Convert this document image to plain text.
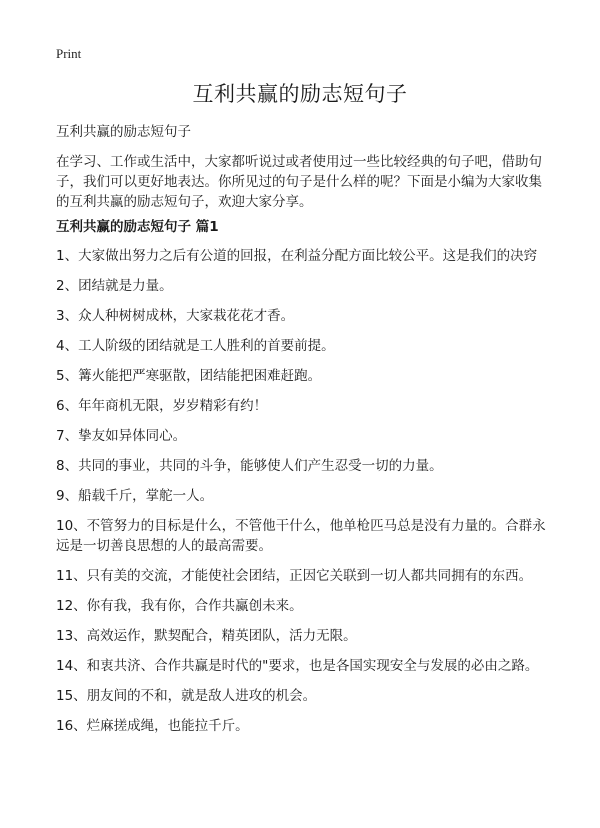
Print
互利共赢的励志短句子

互利共赢的励志短句子

在学习、工作或生活中，大家都听说过或者使用过一些比较经典的句子吧，借助句子，我们可以更好地表达。你所见过的句子是什么样的呢？下面是小编为大家收集的互利共赢的励志短句子，欢迎大家分享。

互利共赢的励志短句子 篇1
1、大家做出努力之后有公道的回报，在利益分配方面比较公平。这是我们的决窍
2、团结就是力量。
3、众人种树树成林，大家栽花花才香。
4、工人阶级的团结就是工人胜利的首要前提。
5、篝火能把严寒驱散，团结能把困难赶跑。
6、年年商机无限，岁岁精彩有约！
7、挚友如异体同心。
8、共同的事业，共同的斗争，能够使人们产生忍受一切的力量。
9、船载千斤，掌舵一人。
10、不管努力的目标是什么，不管他干什么，他单枪匹马总是没有力量的。合群永远是一切善良思想的人的最高需要。
11、只有美的交流，才能使社会团结，正因它关联到一切人都共同拥有的东西。
12、你有我，我有你，合作共赢创未来。
13、高效运作，默契配合，精英团队，活力无限。
14、和衷共济、合作共赢是时代的"要求，也是各国实现安全与发展的必由之路。
15、朋友间的不和，就是敌人进攻的机会。
16、烂麻搓成绳，也能拉千斤。
